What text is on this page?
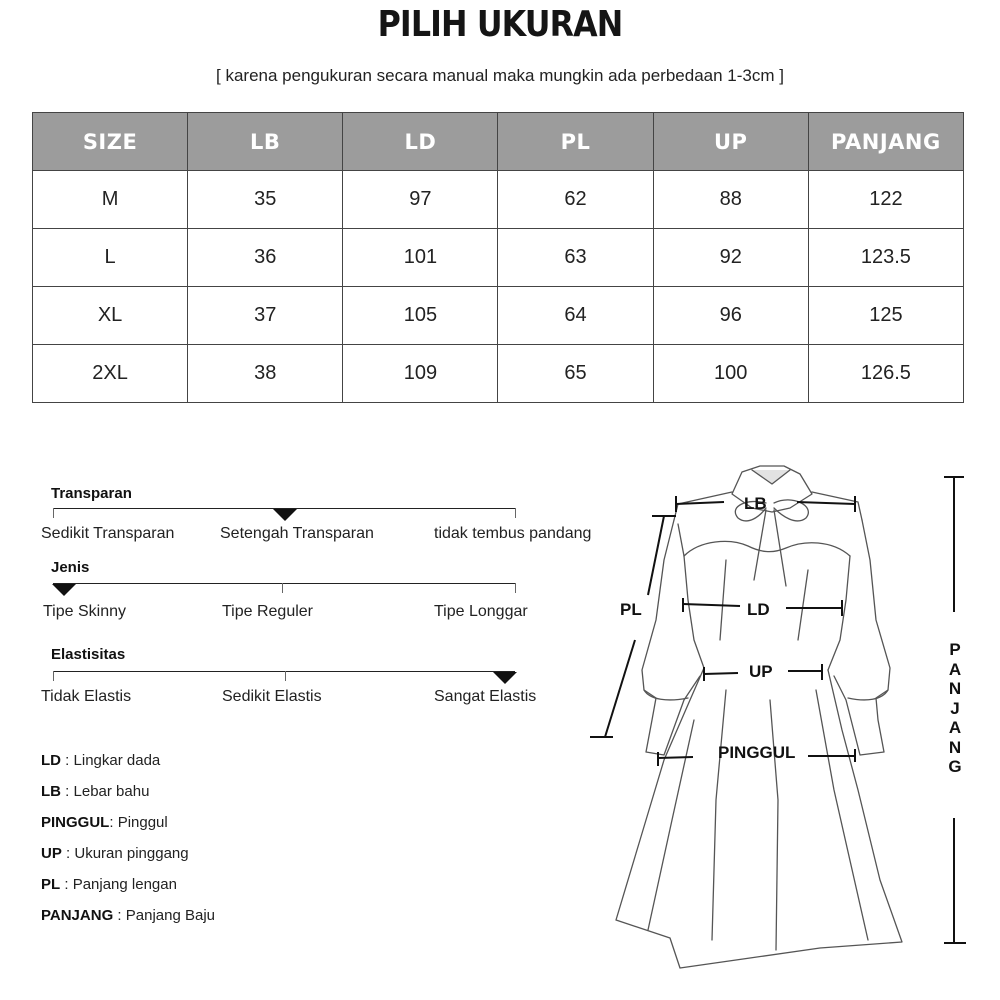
PILIH UKURAN
[ karena pengukuran secara manual maka mungkin ada perbedaan 1-3cm ]
SIZE	LB	LD	PL	UP	PANJANG
M	35	97	62	88	122
L	36	101	63	92	123.5
XL	37	105	64	96	125
2XL	38	109	65	100	126.5
Transparan
Sedikit Transparan	Setengah Transparan	tidak tembus pandang
Jenis
Tipe Skinny	Tipe Reguler	Tipe Longgar
Elastisitas
Tidak Elastis	Sedikit Elastis	Sangat Elastis
LD : Lingkar dada
LB : Lebar bahu
PINGGUL: Pinggul
UP : Ukuran pinggang
PL : Panjang lengan
PANJANG : Panjang Baju
LB
LD
PL
UP
PINGGUL
P
A
N
J
A
N
G
